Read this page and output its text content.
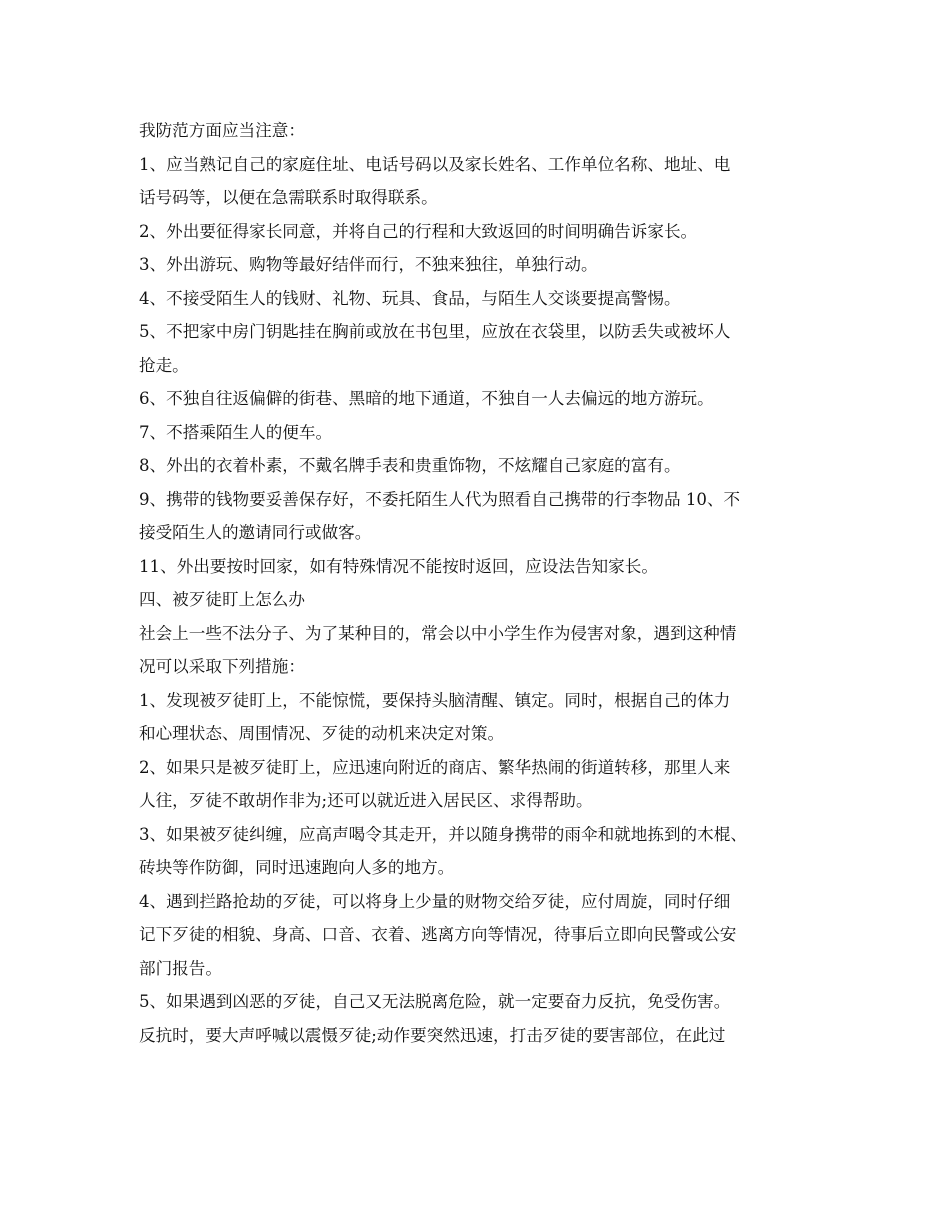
我防范方面应当注意：
1、应当熟记自己的家庭住址、电话号码以及家长姓名、工作单位名称、地址、电
话号码等，以便在急需联系时取得联系。
2、外出要征得家长同意，并将自己的行程和大致返回的时间明确告诉家长。
3、外出游玩、购物等最好结伴而行，不独来独往，单独行动。
4、不接受陌生人的钱财、礼物、玩具、食品，与陌生人交谈要提高警惕。
5、不把家中房门钥匙挂在胸前或放在书包里，应放在衣袋里，以防丢失或被坏人
抢走。
6、不独自往返偏僻的街巷、黑暗的地下通道，不独自一人去偏远的地方游玩。
7、不搭乘陌生人的便车。
8、外出的衣着朴素，不戴名牌手表和贵重饰物，不炫耀自己家庭的富有。
9、携带的钱物要妥善保存好，不委托陌生人代为照看自己携带的行李物品 10、不
接受陌生人的邀请同行或做客。
11、外出要按时回家，如有特殊情况不能按时返回，应设法告知家长。
四、被歹徒盯上怎么办
社会上一些不法分子、为了某种目的，常会以中小学生作为侵害对象，遇到这种情
况可以采取下列措施：
1、发现被歹徒盯上，不能惊慌，要保持头脑清醒、镇定。同时，根据自己的体力
和心理状态、周围情况、歹徒的动机来决定对策。
2、如果只是被歹徒盯上，应迅速向附近的商店、繁华热闹的街道转移，那里人来
人往，歹徒不敢胡作非为;还可以就近进入居民区、求得帮助。
3、如果被歹徒纠缠，应高声喝令其走开，并以随身携带的雨伞和就地拣到的木棍、
砖块等作防御，同时迅速跑向人多的地方。
4、遇到拦路抢劫的歹徒，可以将身上少量的财物交给歹徒，应付周旋，同时仔细
记下歹徒的相貌、身高、口音、衣着、逃离方向等情况，待事后立即向民警或公安
部门报告。
5、如果遇到凶恶的歹徒，自己又无法脱离危险，就一定要奋力反抗，免受伤害。
反抗时，要大声呼喊以震慑歹徒;动作要突然迅速，打击歹徒的要害部位，在此过
